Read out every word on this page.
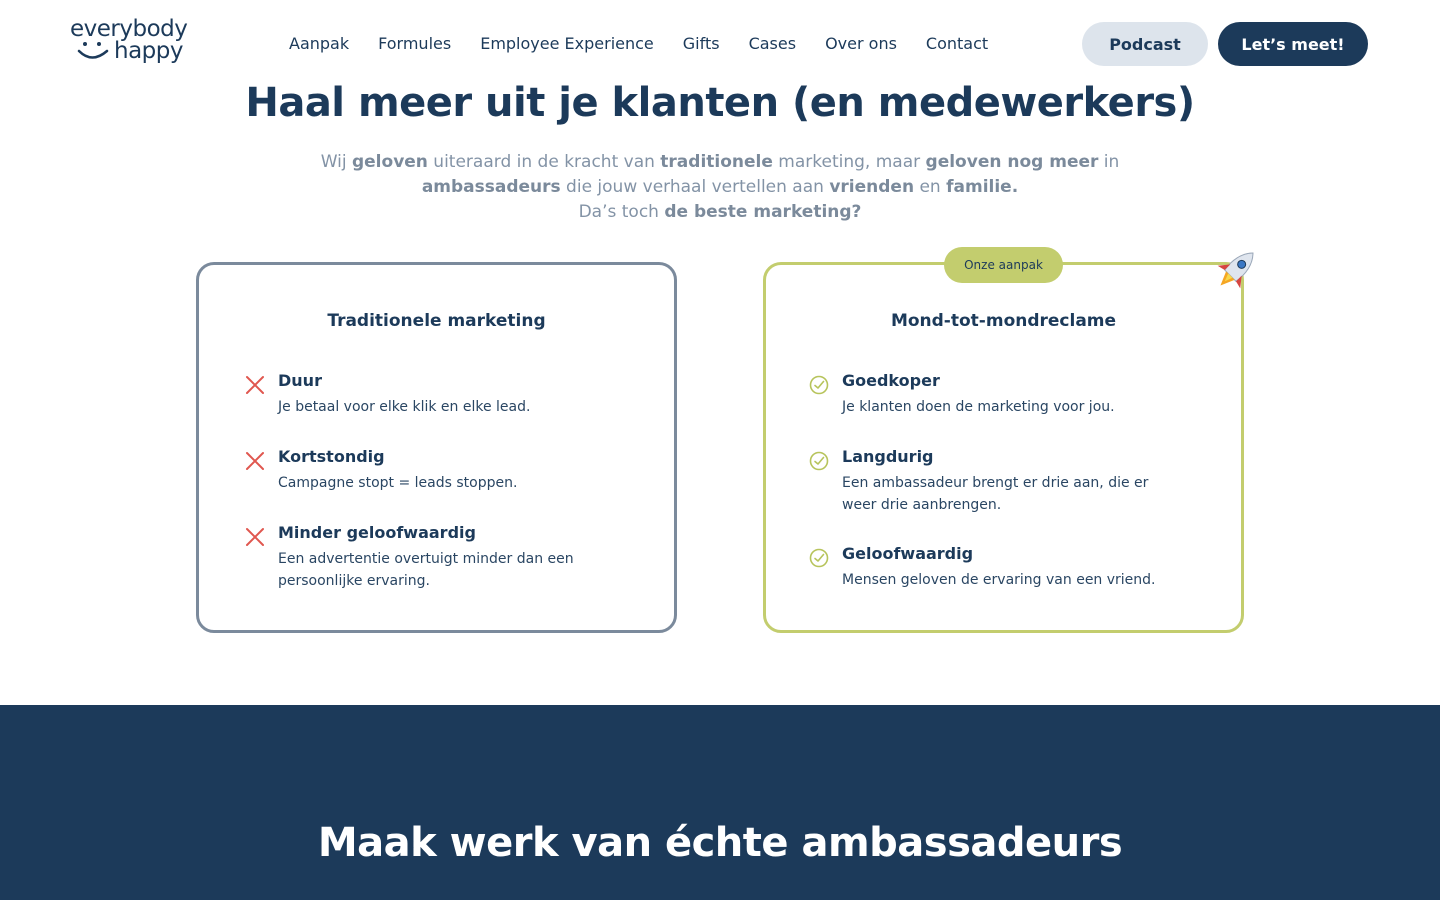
everybody
happy	Aanpak Formules Employee Experience Gifts Cases Over ons Contact	Podcast	Let’s meet!
Haal meer uit je klanten (en medewerkers)

Wij geloven uiteraard in de kracht van traditionele marketing, maar geloven nog meer in ambassadeurs die jouw verhaal vertellen aan vrienden en familie.
Da’s toch de beste marketing?

Traditionele marketing
Duur
Je betaal voor elke klik en elke lead.
Kortstondig
Campagne stopt = leads stoppen.
Minder geloofwaardig
Een advertentie overtuigt minder dan een persoonlijke ervaring.
Mond-tot-mondreclame
Goedkoper
Je klanten doen de marketing voor jou.
Langdurig
Een ambassadeur brengt er drie aan, die er weer drie aanbrengen.
Geloofwaardig
Mensen geloven de ervaring van een vriend.
Onze aanpak
Maak werk van échte ambassadeurs
